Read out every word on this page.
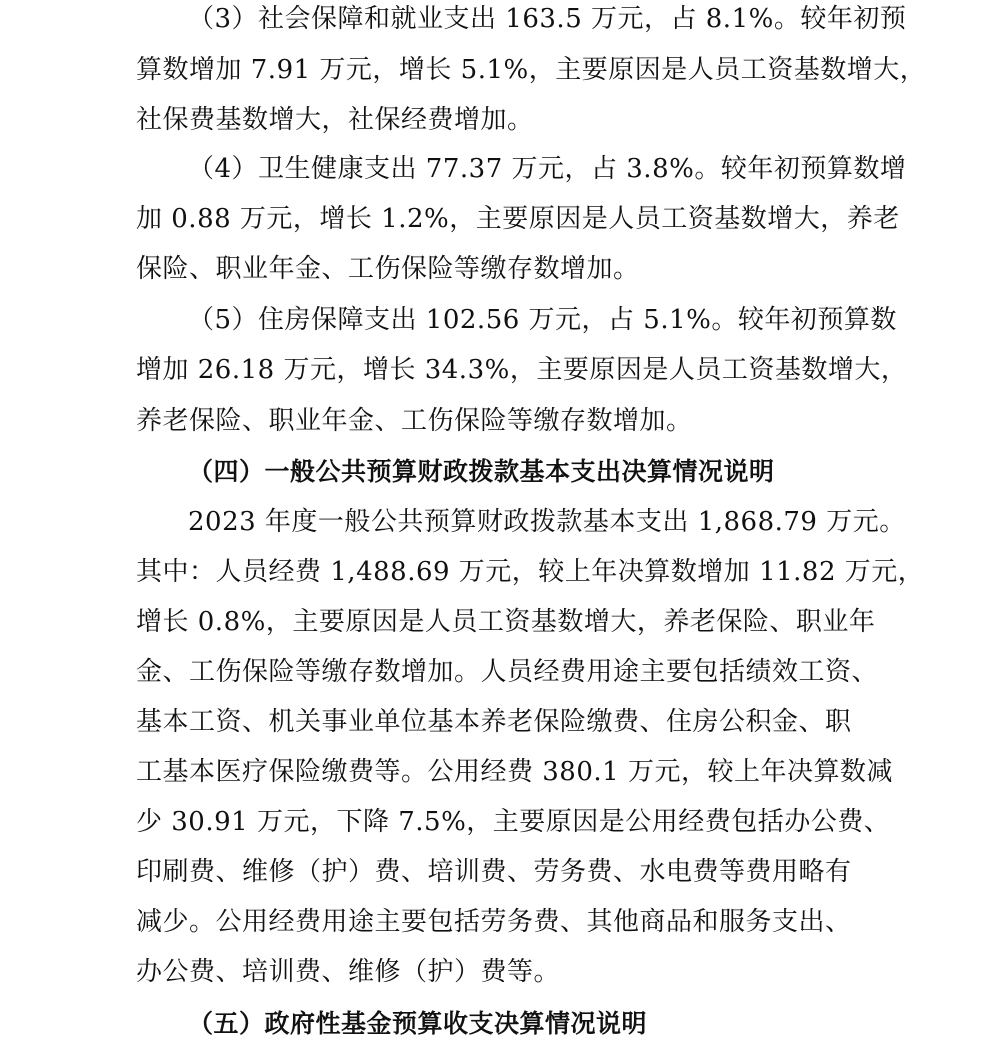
（3）社会保障和就业支出 163.5 万元，占 8.1%。较年初预
算数增加 7.91 万元，增长 5.1%，主要原因是人员工资基数增大，
社保费基数增大，社保经费增加。
（4）卫生健康支出 77.37 万元，占 3.8%。较年初预算数增
加 0.88 万元，增长 1.2%，主要原因是人员工资基数增大，养老
保险、职业年金、工伤保险等缴存数增加。
（5）住房保障支出 102.56 万元，占 5.1%。较年初预算数
增加 26.18 万元，增长 34.3%，主要原因是人员工资基数增大，
养老保险、职业年金、工伤保险等缴存数增加。
（四）一般公共预算财政拨款基本支出决算情况说明
2023 年度一般公共预算财政拨款基本支出 1,868.79 万元。
其中：人员经费 1,488.69 万元，较上年决算数增加 11.82 万元，
增长 0.8%，主要原因是人员工资基数增大，养老保险、职业年
金、工伤保险等缴存数增加。人员经费用途主要包括绩效工资、
基本工资、机关事业单位基本养老保险缴费、住房公积金、职
工基本医疗保险缴费等。公用经费 380.1 万元，较上年决算数减
少 30.91 万元，下降 7.5%，主要原因是公用经费包括办公费、
印刷费、维修（护）费、培训费、劳务费、水电费等费用略有
减少。公用经费用途主要包括劳务费、其他商品和服务支出、
办公费、培训费、维修（护）费等。
（五）政府性基金预算收支决算情况说明
